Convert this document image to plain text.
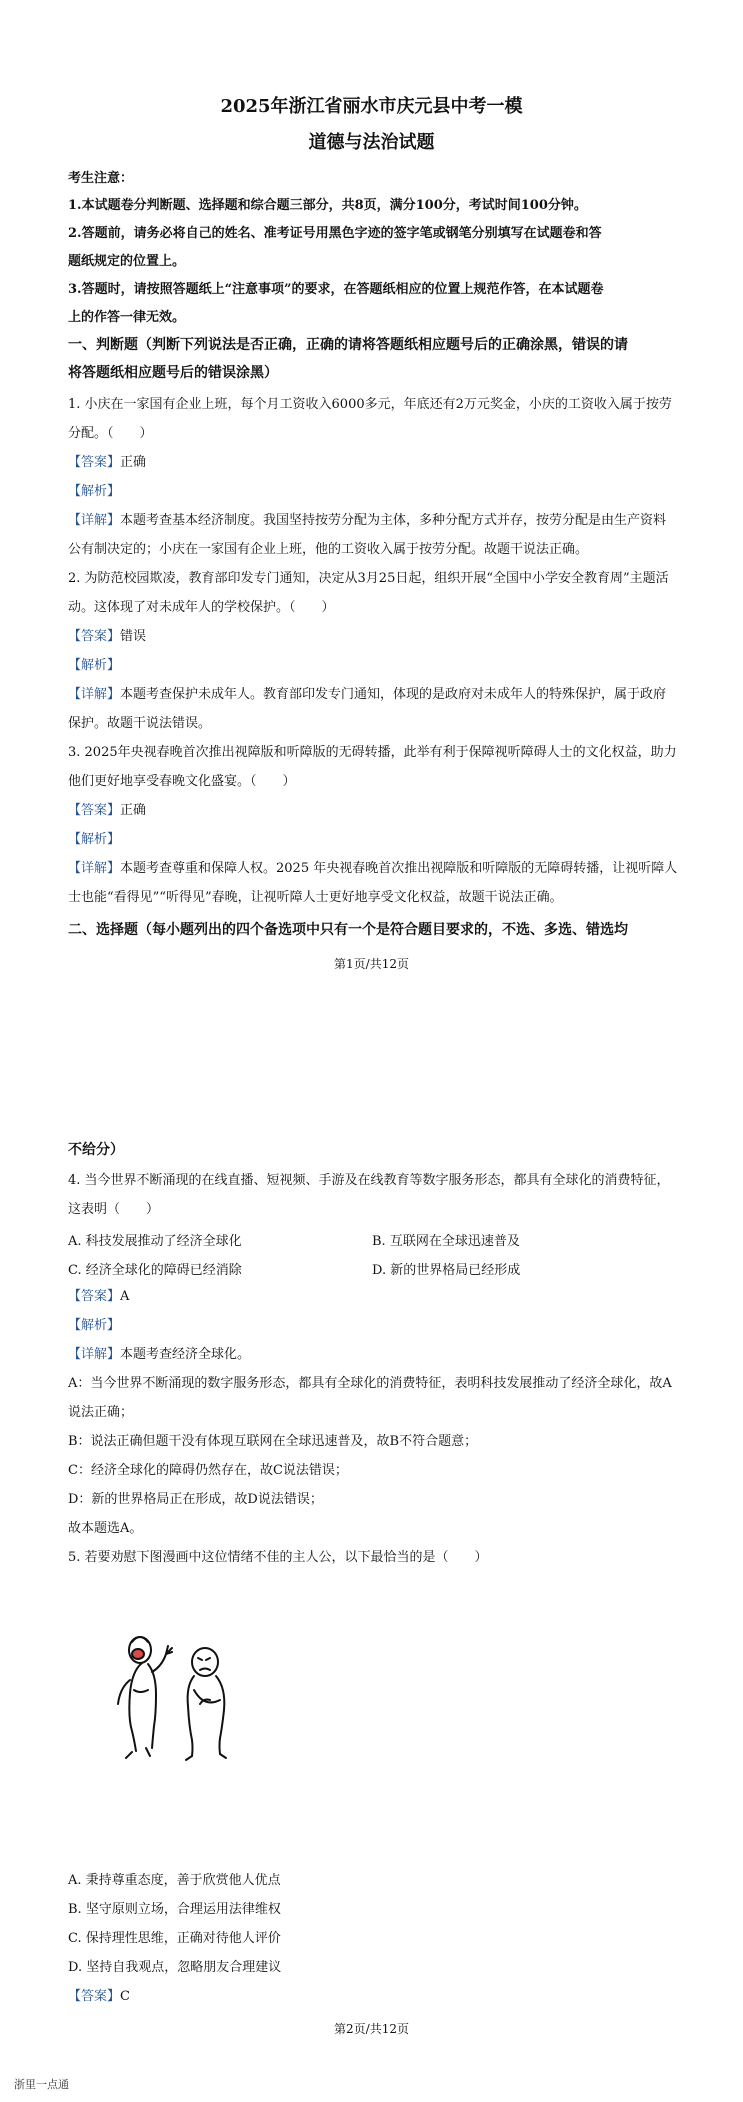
2025年浙江省丽水市庆元县中考一模
道德与法治试题

考生注意：

1.本试题卷分判断题、选择题和综合题三部分，共8页，满分100分，考试时间100分钟。

2.答题前，请务必将自己的姓名、准考证号用黑色字迹的签字笔或钢笔分别填写在试题卷和答

题纸规定的位置上。

3.答题时，请按照答题纸上“注意事项”的要求，在答题纸相应的位置上规范作答，在本试题卷

上的作答一律无效。

一、判断题（判断下列说法是否正确，正确的请将答题纸相应题号后的正确涂黑，错误的请

将答题纸相应题号后的错误涂黑）

1. 小庆在一家国有企业上班，每个月工资收入6000多元，年底还有2万元奖金，小庆的工资收入属于按劳

分配。（　　）

【答案】正确

【解析】

【详解】本题考查基本经济制度。我国坚持按劳分配为主体，多种分配方式并存，按劳分配是由生产资料

公有制决定的；小庆在一家国有企业上班，他的工资收入属于按劳分配。故题干说法正确。

2. 为防范校园欺凌，教育部印发专门通知，决定从3月25日起，组织开展“全国中小学安全教育周”主题活

动。这体现了对未成年人的学校保护。（　　）

【答案】错误

【解析】

【详解】本题考查保护未成年人。教育部印发专门通知，体现的是政府对未成年人的特殊保护，属于政府

保护。故题干说法错误。

3. 2025年央视春晚首次推出视障版和听障版的无碍转播，此举有利于保障视听障碍人士的文化权益，助力

他们更好地享受春晚文化盛宴。（　　）

【答案】正确

【解析】

【详解】本题考查尊重和保障人权。2025 年央视春晚首次推出视障版和听障版的无障碍转播，让视听障人

士也能“看得见”“听得见”春晚，让视听障人士更好地享受文化权益，故题干说法正确。

二、选择题（每小题列出的四个备选项中只有一个是符合题目要求的，不选、多选、错选均

第1页/共12页

不给分）

4. 当今世界不断涌现的在线直播、短视频、手游及在线教育等数字服务形态，都具有全球化的消费特征，

这表明（　　）

A. 科技发展推动了经济全球化	B. 互联网在全球迅速普及

C. 经济全球化的障碍已经消除	D. 新的世界格局已经形成

【答案】A

【解析】

【详解】本题考查经济全球化。

A：当今世界不断涌现的数字服务形态，都具有全球化的消费特征，表明科技发展推动了经济全球化，故A

说法正确；

B：说法正确但题干没有体现互联网在全球迅速普及，故B不符合题意；

C：经济全球化的障碍仍然存在，故C说法错误；

D：新的世界格局正在形成，故D说法错误；

故本题选A。

5. 若要劝慰下图漫画中这位情绪不佳的主人公，以下最恰当的是（　　）

A. 秉持尊重态度，善于欣赏他人优点

B. 坚守原则立场，合理运用法律维权

C. 保持理性思维，正确对待他人评价

D. 坚持自我观点，忽略朋友合理建议

【答案】C

第2页/共12页

浙里一点通
